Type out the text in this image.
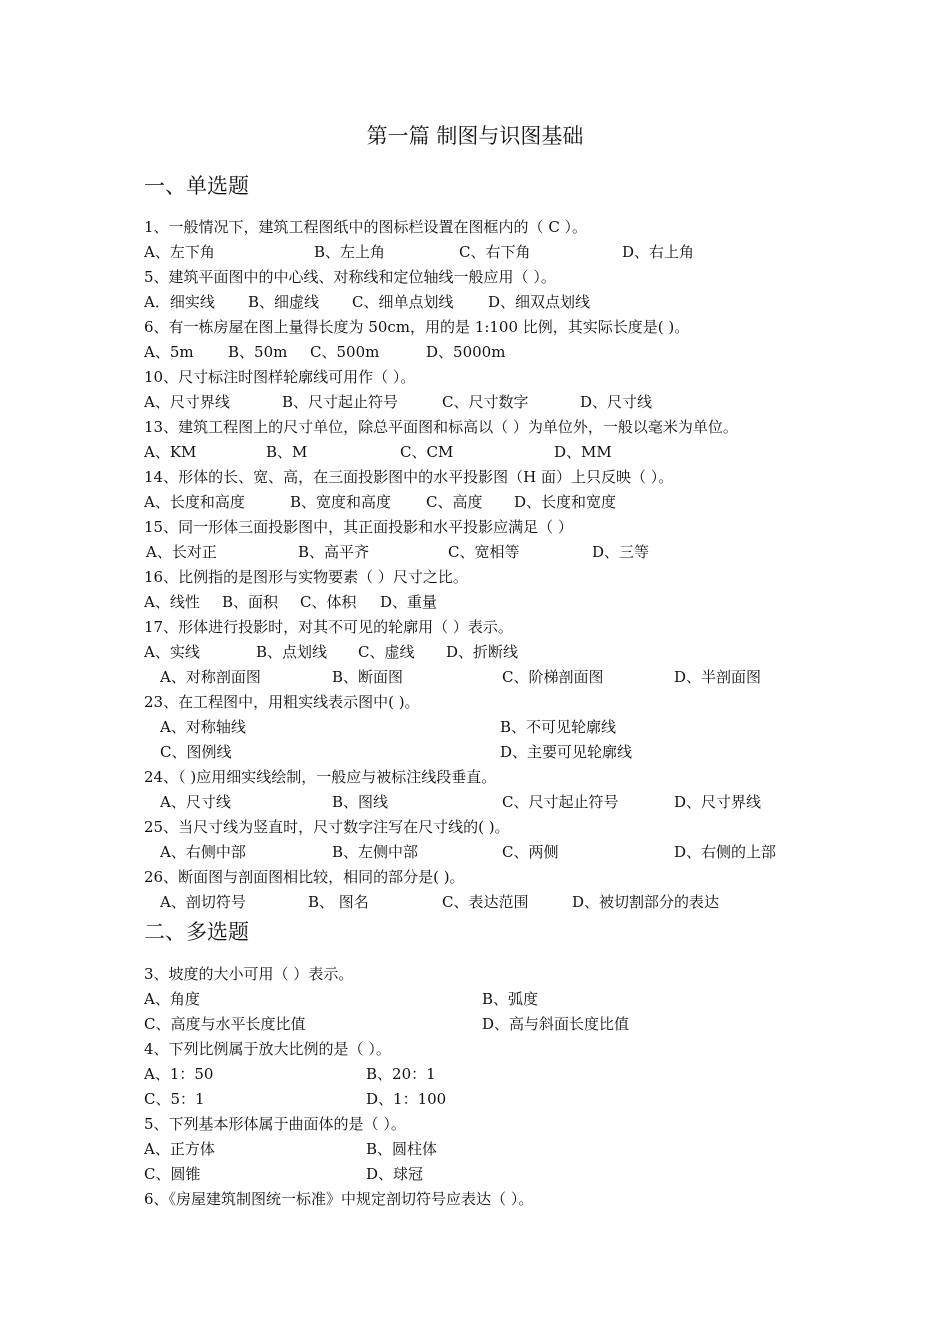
第一篇 制图与识图基础
一、单选题
1、一般情况下，建筑工程图纸中的图标栏设置在图框内的（ C ）。
A、左下角	B、左上角	C、右下角	D、右上角
5、建筑平面图中的中心线、对称线和定位轴线一般应用（ ）。
A．细实线 B、细虚线 C、细单点划线 D、细双点划线
6、有一栋房屋在图上量得长度为 50cm，用的是 1:100 比例，其实际长度是( )。
A、5m B、50m C、500m	D、5000m
10、尺寸标注时图样轮廓线可用作（ ）。
A、尺寸界线	B、尺寸起止符号	C、尺寸数字	D、尺寸线
13、建筑工程图上的尺寸单位，除总平面图和标高以（ ）为单位外，一般以毫米为单位。
A、KM	B、M	C、CM	D、MM
14、形体的长、宽、高，在三面投影图中的水平投影图（H 面）上只反映（ ）。
A、长度和高度	B、宽度和高度 C、高度 D、长度和宽度
15、同一形体三面投影图中，其正面投影和水平投影应满足（ ）
A、长对正	B、高平齐	C、宽相等	D、三等
16、比例指的是图形与实物要素（ ）尺寸之比。
A、线性 B、面积 C、体积 D、重量
17、形体进行投影时，对其不可见的轮廓用（ ）表示。
A、实线	B、点划线 C、虚线 D、折断线
A、对称剖面图	B、断面图	C、阶梯剖面图	D、半剖面图
23、在工程图中，用粗实线表示图中( )。
A、对称轴线	B、不可见轮廓线
C、图例线	D、主要可见轮廓线
24、（ )应用细实线绘制，一般应与被标注线段垂直。
A、尺寸线	B、图线	C、尺寸起止符号	D、尺寸界线
25、当尺寸线为竖直时，尺寸数字注写在尺寸线的( )。
A、右侧中部	B、左侧中部	C、两侧	D、右侧的上部
26、断面图与剖面图相比较，相同的部分是( )。
A、剖切符号	B、 图名	C、表达范围	D、被切割部分的表达
二、多选题
3、坡度的大小可用（ ）表示。
A、角度	B、弧度
C、高度与水平长度比值	D、高与斜面长度比值
4、下列比例属于放大比例的是（ ）。
A、1：50	B、20：1
C、5：1	D、1：100
5、下列基本形体属于曲面体的是（ ）。
A、正方体	B、圆柱体
C、圆锥	D、球冠
6、《房屋建筑制图统一标准》中规定剖切符号应表达（ ）。
